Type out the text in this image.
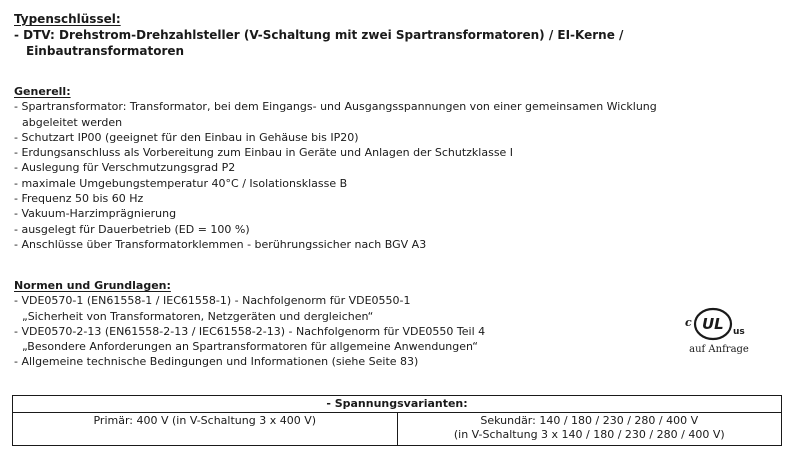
Typenschlüssel:
- DTV: Drehstrom-Drehzahlsteller (V-Schaltung mit zwei Spartransformatoren) / EI-Kerne /
Einbautransformatoren
Generell:
- Spartransformator: Transformator, bei dem Eingangs- und Ausgangsspannungen von einer gemeinsamen Wicklung
abgeleitet werden
- Schutzart IP00 (geeignet für den Einbau in Gehäuse bis IP20)
- Erdungsanschluss als Vorbereitung zum Einbau in Geräte und Anlagen der Schutzklasse I
- Auslegung für Verschmutzungsgrad P2
- maximale Umgebungstemperatur 40°C / Isolationsklasse B
- Frequenz 50 bis 60 Hz
- Vakuum-Harzimprägnierung
- ausgelegt für Dauerbetrieb (ED = 100 %)
- Anschlüsse über Transformatorklemmen - berührungssicher nach BGV A3
Normen und Grundlagen:
- VDE0570-1 (EN61558-1 / IEC61558-1) - Nachfolgenorm für VDE0550-1
„Sicherheit von Transformatoren, Netzgeräten und dergleichen“
- VDE0570-2-13 (EN61558-2-13 / IEC61558-2-13) - Nachfolgenorm für VDE0550 Teil 4
„Besondere Anforderungen an Spartransformatoren für allgemeine Anwendungen“
- Allgemeine technische Bedingungen und Informationen (siehe Seite 83)
c UL us
auf Anfrage
- Spannungsvarianten:
Primär: 400 V (in V-Schaltung 3 x 400 V)	Sekundär: 140 / 180 / 230 / 280 / 400 V
(in V-Schaltung 3 x 140 / 180 / 230 / 280 / 400 V)
